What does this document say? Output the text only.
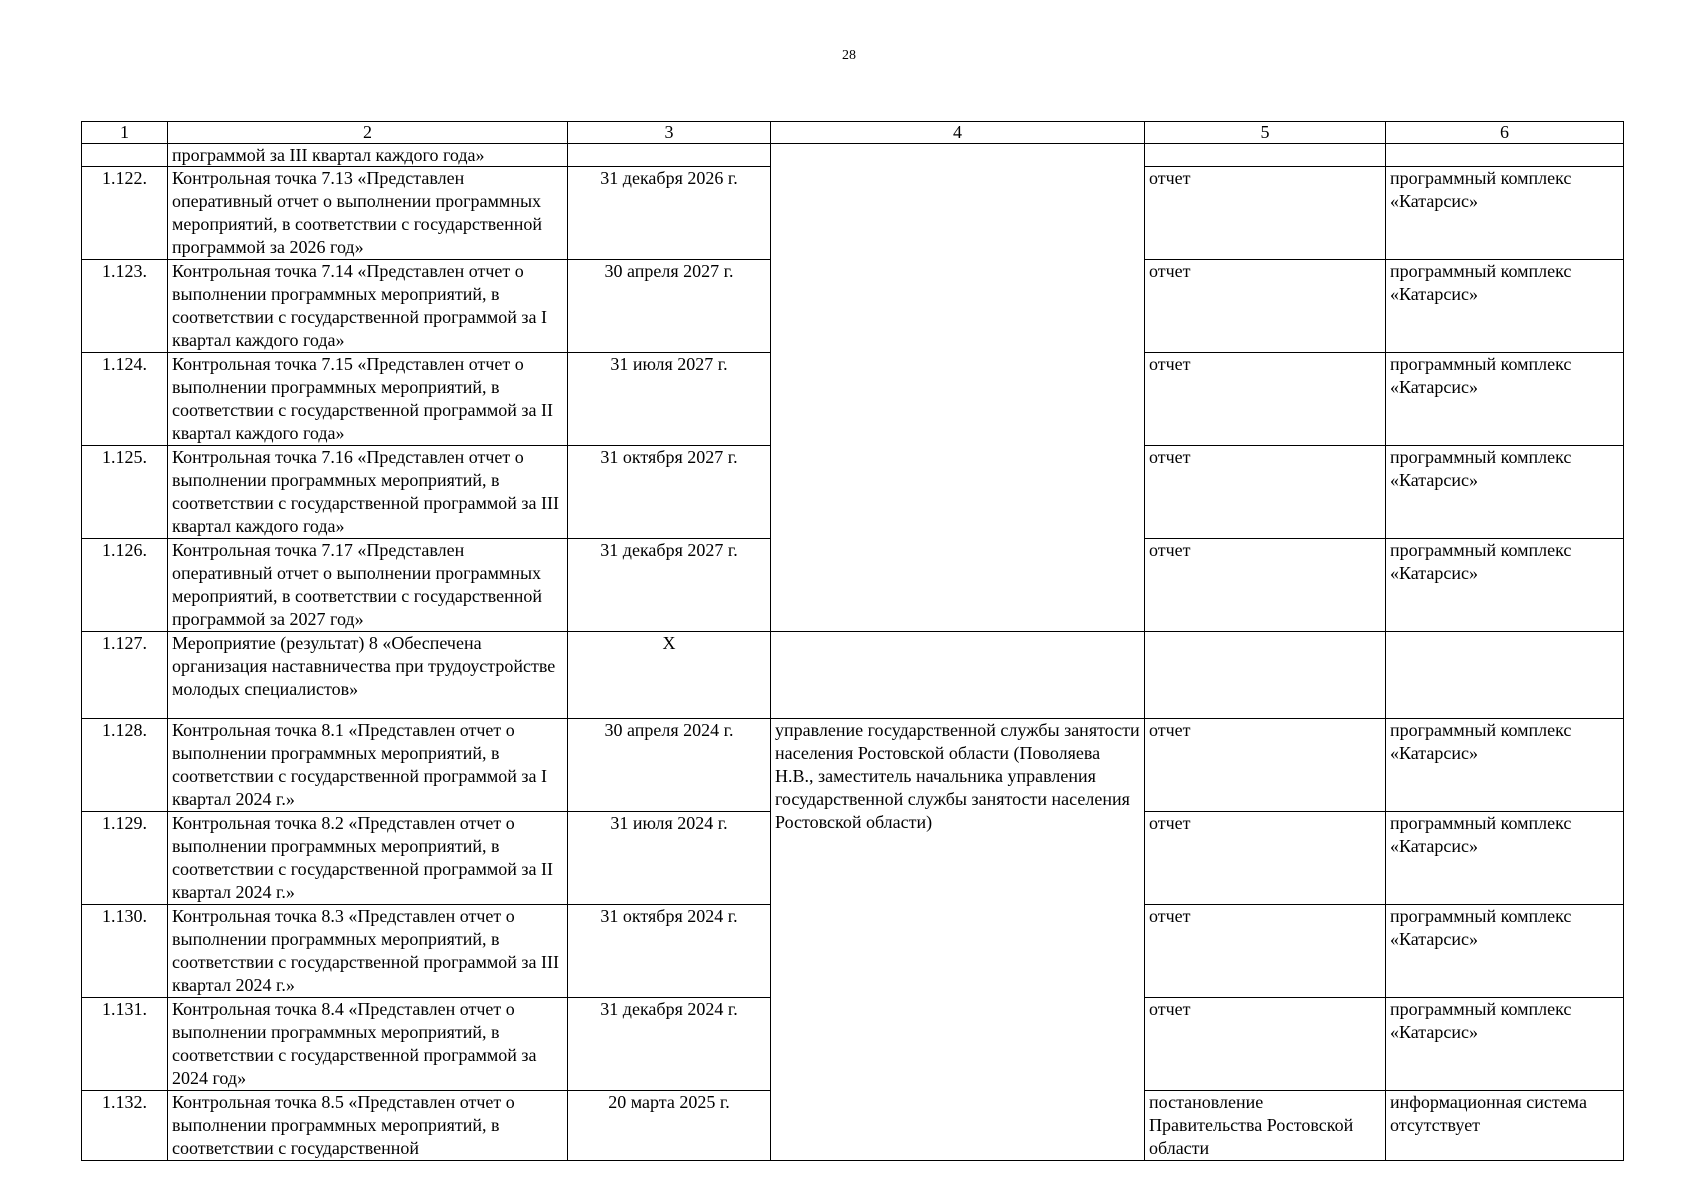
28
1	2	3	4	5	6
	программой за III квартал каждого года»				
1.122.	Контрольная точка 7.13 «Представлен оперативный отчет о выполнении программных мероприятий, в соответствии с государственной программой за 2026 год»	31 декабря 2026 г.		отчет	программный комплекс «Катарсис»
1.123.	Контрольная точка 7.14 «Представлен отчет о выполнении программных мероприятий, в соответствии с государственной программой за I квартал каждого года»	30 апреля 2027 г.		отчет	программный комплекс «Катарсис»
1.124.	Контрольная точка 7.15 «Представлен отчет о выполнении программных мероприятий, в соответствии с государственной программой за II квартал каждого года»	31 июля 2027 г.		отчет	программный комплекс «Катарсис»
1.125.	Контрольная точка 7.16 «Представлен отчет о выполнении программных мероприятий, в соответствии с государственной программой за III квартал каждого года»	31 октября 2027 г.		отчет	программный комплекс «Катарсис»
1.126.	Контрольная точка 7.17 «Представлен оперативный отчет о выполнении программных мероприятий, в соответствии с государственной программой за 2027 год»	31 декабря 2027 г.		отчет	программный комплекс «Катарсис»
1.127.	Мероприятие (результат) 8 «Обеспечена организация наставничества при трудоустройстве молодых специалистов»	X			
1.128.	Контрольная точка 8.1 «Представлен отчет о выполнении программных мероприятий, в соответствии с государственной программой за I квартал 2024 г.»	30 апреля 2024 г.	управление государственной службы занятости населения Ростовской области (Поволяева Н.В., заместитель начальника управления государственной службы занятости населения Ростовской области)	отчет	программный комплекс «Катарсис»
1.129.	Контрольная точка 8.2 «Представлен отчет о выполнении программных мероприятий, в соответствии с государственной программой за II квартал 2024 г.»	31 июля 2024 г.		отчет	программный комплекс «Катарсис»
1.130.	Контрольная точка 8.3 «Представлен отчет о выполнении программных мероприятий, в соответствии с государственной программой за III квартал 2024 г.»	31 октября 2024 г.		отчет	программный комплекс «Катарсис»
1.131.	Контрольная точка 8.4 «Представлен отчет о выполнении программных мероприятий, в соответствии с государственной программой за 2024 год»	31 декабря 2024 г.		отчет	программный комплекс «Катарсис»
1.132.	Контрольная точка 8.5 «Представлен отчет о выполнении программных мероприятий, в соответствии с государственной	20 марта 2025 г.		постановление Правительства Ростовской области	информационная система отсутствует
